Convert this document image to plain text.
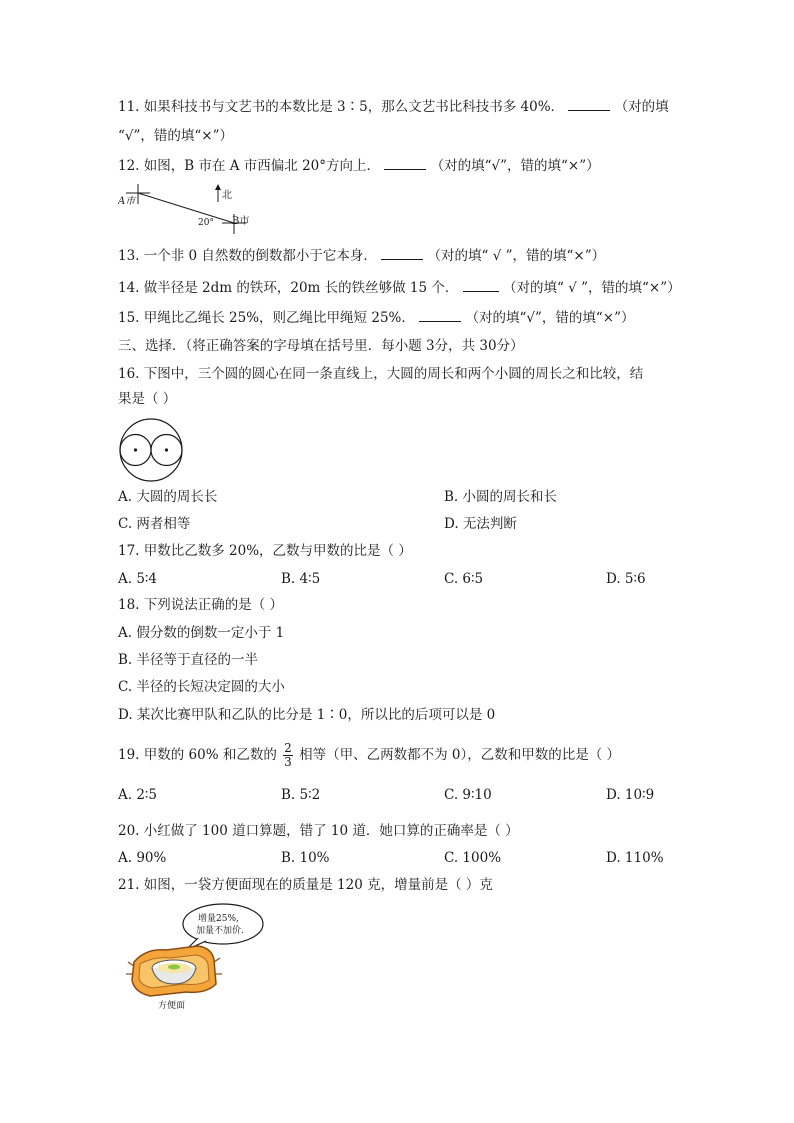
11. 如果科技书与文艺书的本数比是 3∶5，那么文艺书比科技书多 40%．	（对的填
“√”，错的填“×”）
12. 如图，B 市在 A 市西偏北 20°方向上．	（对的填“√”，错的填“×”）
北
A市
20° B市
13. 一个非 0 自然数的倒数都小于它本身．	（对的填“ √ ”，错的填“×”）
14. 做半径是 2dm 的铁环，20m 长的铁丝够做 15 个．	（对的填“ √ ”，错的填“×”）
15. 甲绳比乙绳长 25%，则乙绳比甲绳短 25%．	（对的填“√”，错的填“×”）
三、选择．（将正确答案的字母填在括号里．每小题 3分，共 30分）
16. 下图中，三个圆的圆心在同一条直线上，大圆的周长和两个小圆的周长之和比较，结
果是（ ）
A. 大圆的周长长	B. 小圆的周长和长
C. 两者相等	D. 无法判断
17. 甲数比乙数多 20%，乙数与甲数的比是（ ）
A. 5∶4	B. 4∶5	C. 6∶5	D. 5∶6
18. 下列说法正确的是（ ）
A. 假分数的倒数一定小于 1
B. 半径等于直径的一半
C. 半径的长短决定圆的大小
D. 某次比赛甲队和乙队的比分是 1∶0，所以比的后项可以是 0
19. 甲数的 60% 和乙数的 $\frac{2}{3}$ 相等（甲、乙两数都不为 0），乙数和甲数的比是（ ）
A. 2∶5	B. 5∶2	C. 9∶10	D. 10∶9
20. 小红做了 100 道口算题，错了 10 道．她口算的正确率是（ ）
A. 90%	B. 10%	C. 100%	D. 110%
21. 如图，一袋方便面现在的质量是 120 克，增量前是（ ）克
增量25%,
加量不加价.
方便面
